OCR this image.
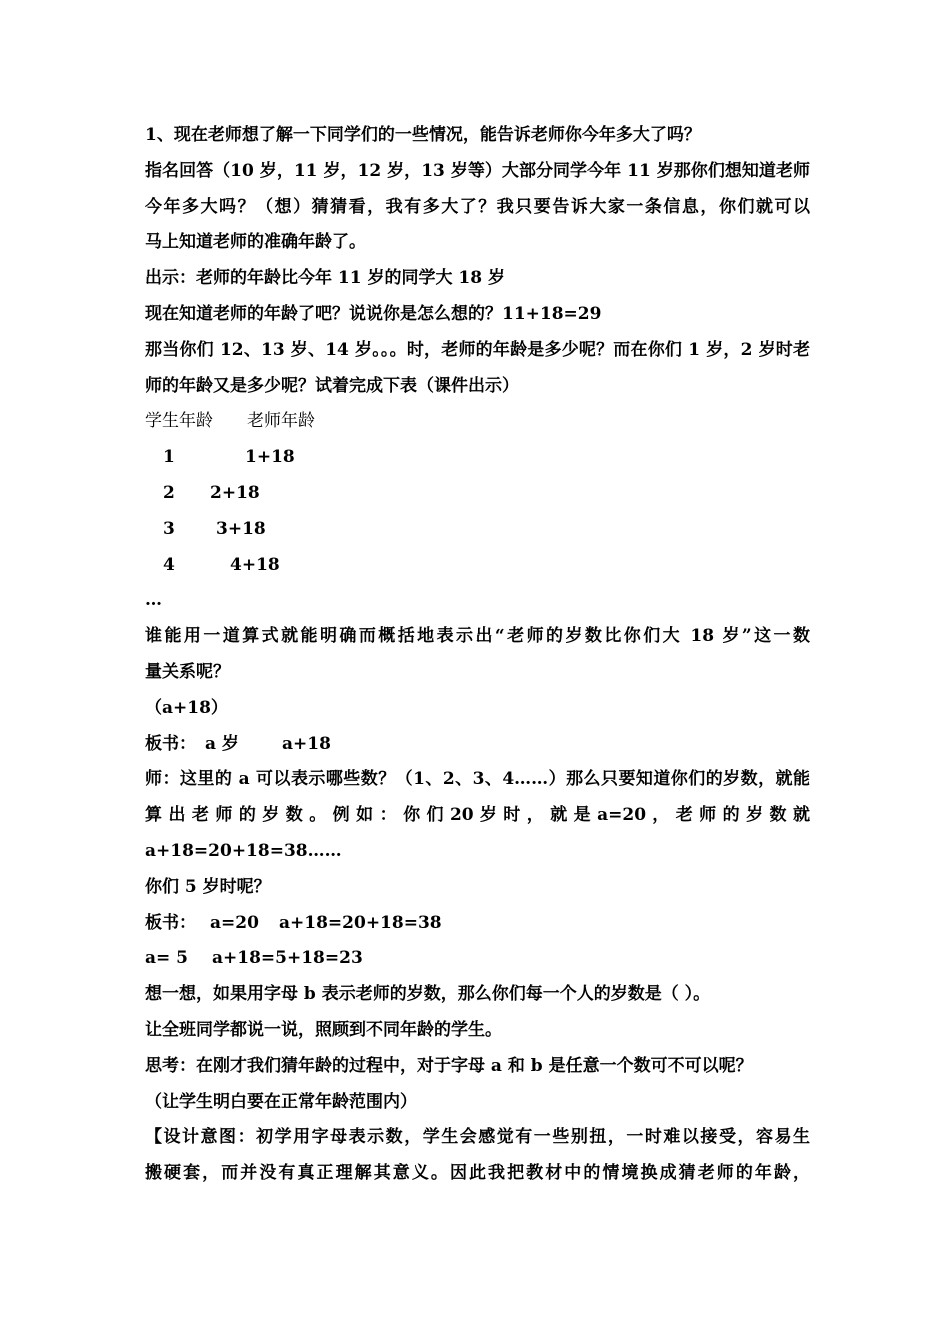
1、现在老师想了解一下同学们的一些情况，能告诉老师你今年多大了吗？
指名回答（10 岁，11 岁，12 岁，13 岁等）大部分同学今年 11 岁那你们想知道老师
今年多大吗？（想）猜猜看，我有多大了？我只要告诉大家一条信息，你们就可以
马上知道老师的准确年龄了。
出示：老师的年龄比今年 11 岁的同学大 18 岁
现在知道老师的年龄了吧？说说你是怎么想的？11+18=29
那当你们 12、13 岁、14 岁。。。时，老师的年龄是多少呢？而在你们 1 岁，2 岁时老
师的年龄又是多少呢？试着完成下表（课件出示）
学生年龄 老师年龄
1	1+18
2 2+18
3 3+18
4	4+18
…
谁能用一道算式就能明确而概括地表示出“老师的岁数比你们大 18 岁”这一数
量关系呢？
（a+18）
板书： a 岁	a+18
师：这里的 a 可以表示哪些数？（1、2、3、4……）那么只要知道你们的岁数，就能
算 出 老 师 的 岁 数 。 例 如 ： 你 们 20 岁 时 ， 就 是 a=20 ， 老 师 的 岁 数 就
a+18=20+18=38……
你们 5 岁时呢？
板书： a=20 a+18=20+18=38
a= 5 a+18=5+18=23
想一想，如果用字母 b 表示老师的岁数，那么你们每一个人的岁数是（ ）。
让全班同学都说一说，照顾到不同年龄的学生。
思考：在刚才我们猜年龄的过程中，对于字母 a 和 b 是任意一个数可不可以呢？
（让学生明白要在正常年龄范围内）
【设计意图：初学用字母表示数，学生会感觉有一些别扭，一时难以接受，容易生
搬硬套，而并没有真正理解其意义。因此我把教材中的情境换成猜老师的年龄，
